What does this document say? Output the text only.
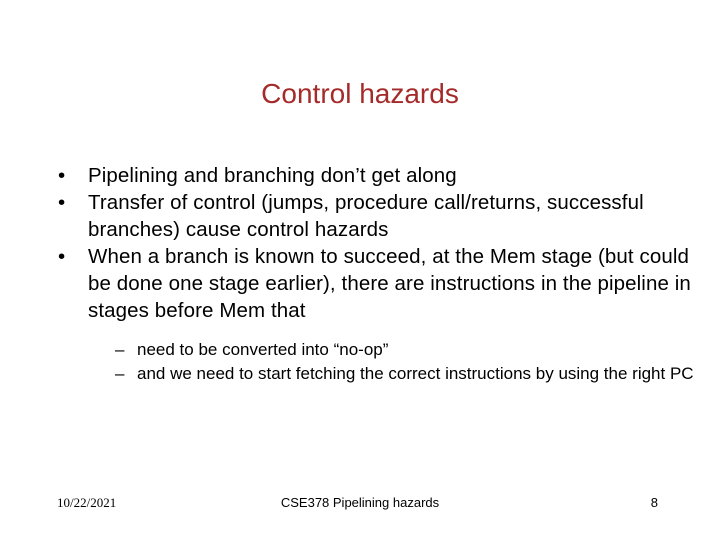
Control hazards
•	Pipelining and branching don’t get along
•	Transfer of control (jumps, procedure call/returns, successful branches) cause control hazards
•	When a branch is known to succeed, at the Mem stage (but could be done one stage earlier), there are instructions in the pipeline in stages before Mem that
– need to be converted into “no-op”
– and we need to start fetching the correct instructions by using the right PC
10/22/2021	CSE378 Pipelining hazards	8
